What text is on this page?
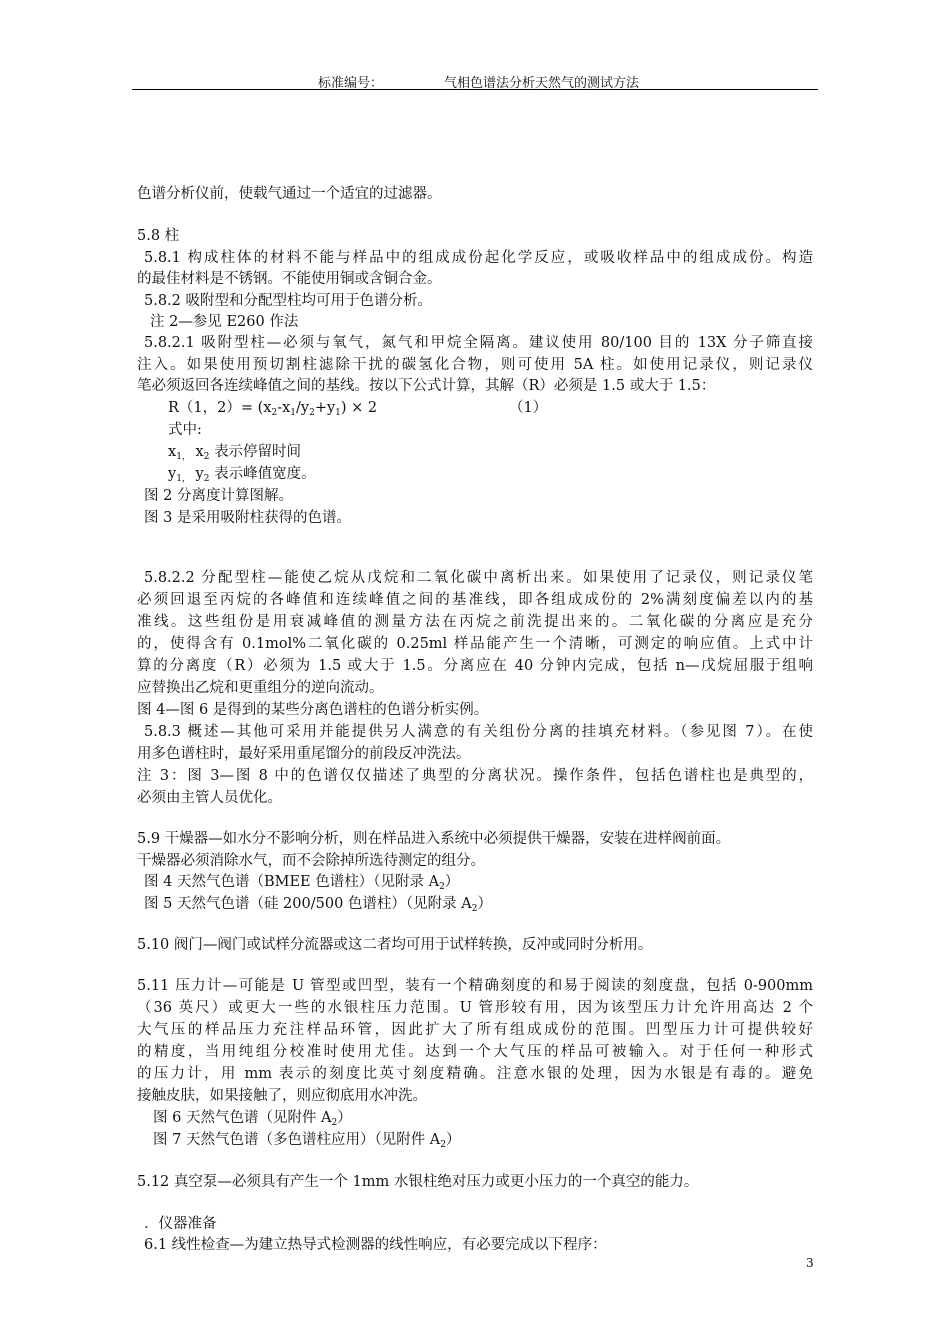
标准编号：	气相色谱法分析天然气的测试方法
色谱分析仪前，使载气通过一个适宜的过滤器。
5.8 柱
5.8.1 构成柱体的材料不能与样品中的组成成份起化学反应，或吸收样品中的组成成份。构造
的最佳材料是不锈钢。不能使用铜或含铜合金。
5.8.2 吸附型和分配型柱均可用于色谱分析。
注 2—参见 E260 作法
5.8.2.1 吸附型柱—必须与氧气，氮气和甲烷全隔离。建议使用 80/100 目的 13X 分子筛直接
注入。如果使用预切割柱滤除干扰的碳氢化合物，则可使用 5A 柱。如使用记录仪，则记录仪
笔必须返回各连续峰值之间的基线。按以下公式计算，其解（R）必须是 1.5 或大于 1.5：
R（1，$2)= (x_2-x_1/y_2+y_1) \times 2$	（1）
式中:
$x_{1,}$ $x_2$ 表示停留时间
$y_{1,}$ $y_2$ 表示峰值宽度。
图 2 分离度计算图解。
图 3 是采用吸附柱获得的色谱。
5.8.2.2 分配型柱—能使乙烷从戊烷和二氧化碳中离析出来。如果使用了记录仪，则记录仪笔
必须回退至丙烷的各峰值和连续峰值之间的基准线，即各组成成份的 2%满刻度偏差以内的基
准线。这些组份是用衰减峰值的测量方法在丙烷之前洗提出来的。二氧化碳的分离应是充分
的，使得含有 0.1mol%二氧化碳的 0.25ml 样品能产生一个清晰，可测定的响应值。上式中计
算的分离度（R）必须为 1.5 或大于 1.5。分离应在 40 分钟内完成，包括 n—戊烷屈服于组响
应替换出乙烷和更重组分的逆向流动。
图 4—图 6 是得到的某些分离色谱柱的色谱分析实例。
5.8.3 概述—其他可采用并能提供另人满意的有关组份分离的挂填充材料。（参见图 7）。在使
用多色谱柱时，最好采用重尾馏分的前段反冲洗法。
注 3：图 3—图 8 中的色谱仅仅描述了典型的分离状况。操作条件，包括色谱柱也是典型的，
必须由主管人员优化。
5.9 干燥器—如水分不影响分析，则在样品进入系统中必须提供干燥器，安装在进样阀前面。
干燥器必须消除水气，而不会除掉所选待测定的组分。
图 4 天然气色谱（BMEE 色谱柱）（见附录 $A_2$）
图 5 天然气色谱（硅 200/500 色谱柱）（见附录 $A_2$）
5.10 阀门—阀门或试样分流器或这二者均可用于试样转换，反冲或同时分析用。
5.11 压力计—可能是 U 管型或凹型，装有一个精确刻度的和易于阅读的刻度盘，包括 0-900mm
（36 英尺）或更大一些的水银柱压力范围。U 管形较有用，因为该型压力计允许用高达 2 个
大气压的样品压力充注样品环管，因此扩大了所有组成成份的范围。凹型压力计可提供较好
的精度，当用纯组分校准时使用尤佳。达到一个大气压的样品可被输入。对于任何一种形式
的压力计，用 mm 表示的刻度比英寸刻度精确。注意水银的处理，因为水银是有毒的。避免
接触皮肤，如果接触了，则应彻底用水冲洗。
图 6 天然气色谱（见附件 $A_2$）
图 7 天然气色谱（多色谱柱应用）（见附件 $A_2$）
5.12 真空泵—必须具有产生一个 1mm 水银柱绝对压力或更小压力的一个真空的能力。
．仪器准备
6.1 线性检查—为建立热导式检测器的线性响应，有必要完成以下程序：
3
